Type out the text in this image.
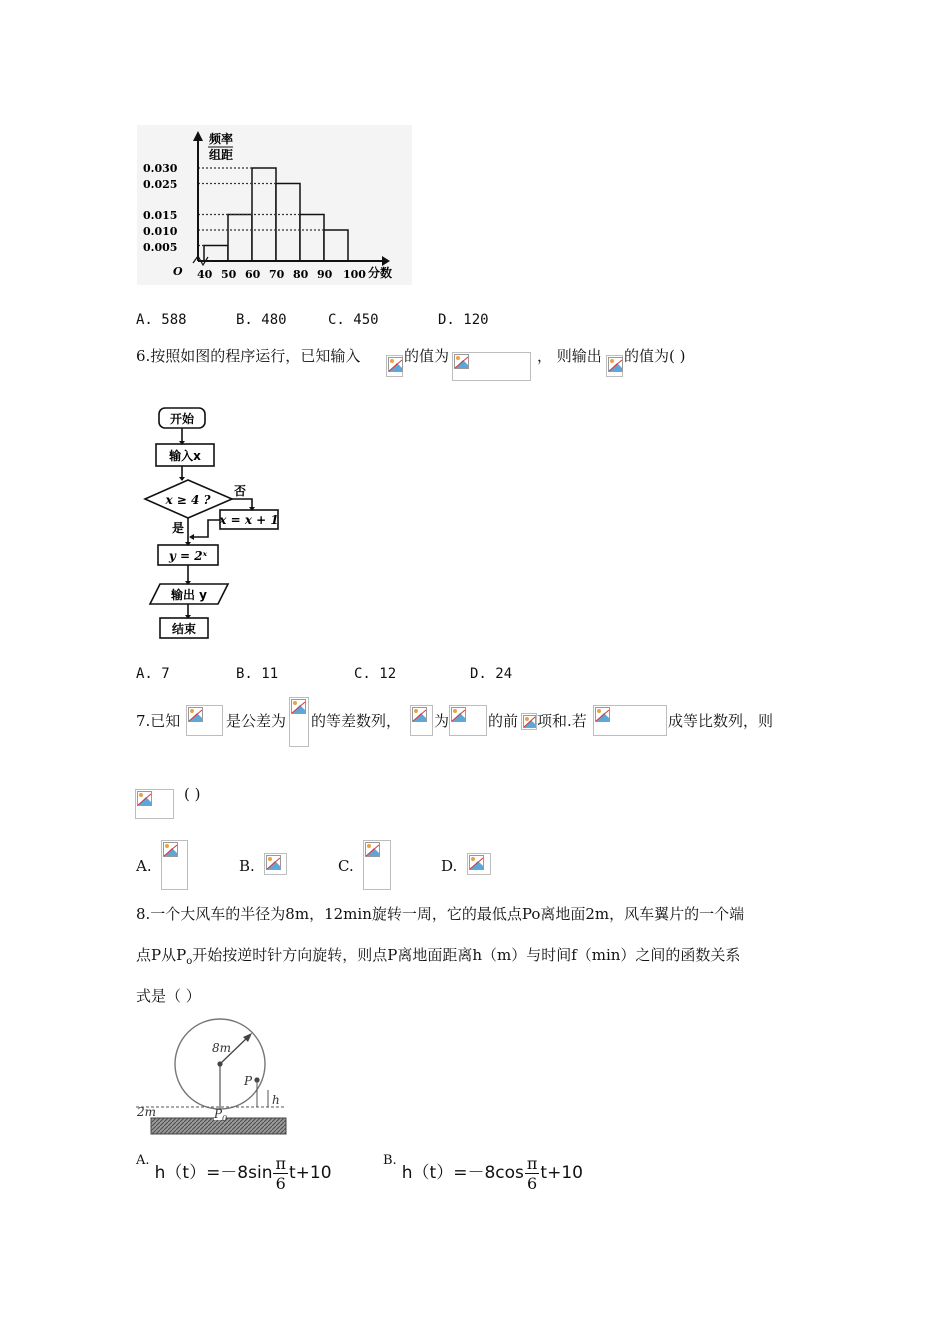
频率
组距
0.030
0.025
0.015
0.010
0.005
O 40 50 60 70 80 90 100 分数
A. 588	B. 480	C. 450	D. 120
6.按照如图的程序运行，已知输入	的值为	， 则输出 的值为( )
开始
输入x
x ≥ 4 ?
否
x = x + 1
是
y = 2ˣ
输出 y
结束
A. 7	B. 11	C. 12	D. 24
7.已知	是公差为 的等差数列， 为	的前 项和.若	成等比数列，则
( )
A.	B.	C.	D.
8.一个大风车的半径为8m，12min旋转一周，它的最低点Po离地面2m，风车翼片的一个端
点P从$P_o$开始按逆时针方向旋转，则点P离地面距离h（m）与时间f（min）之间的函数关系
式是（ ）
8m
P
h
2m	P 0
$^{A.}$ $h(t)=-8\sin \frac{\pi}{6} t+10$
$^{B.}$ $h(t)=-8\cos \frac{\pi}{6} t+10$
